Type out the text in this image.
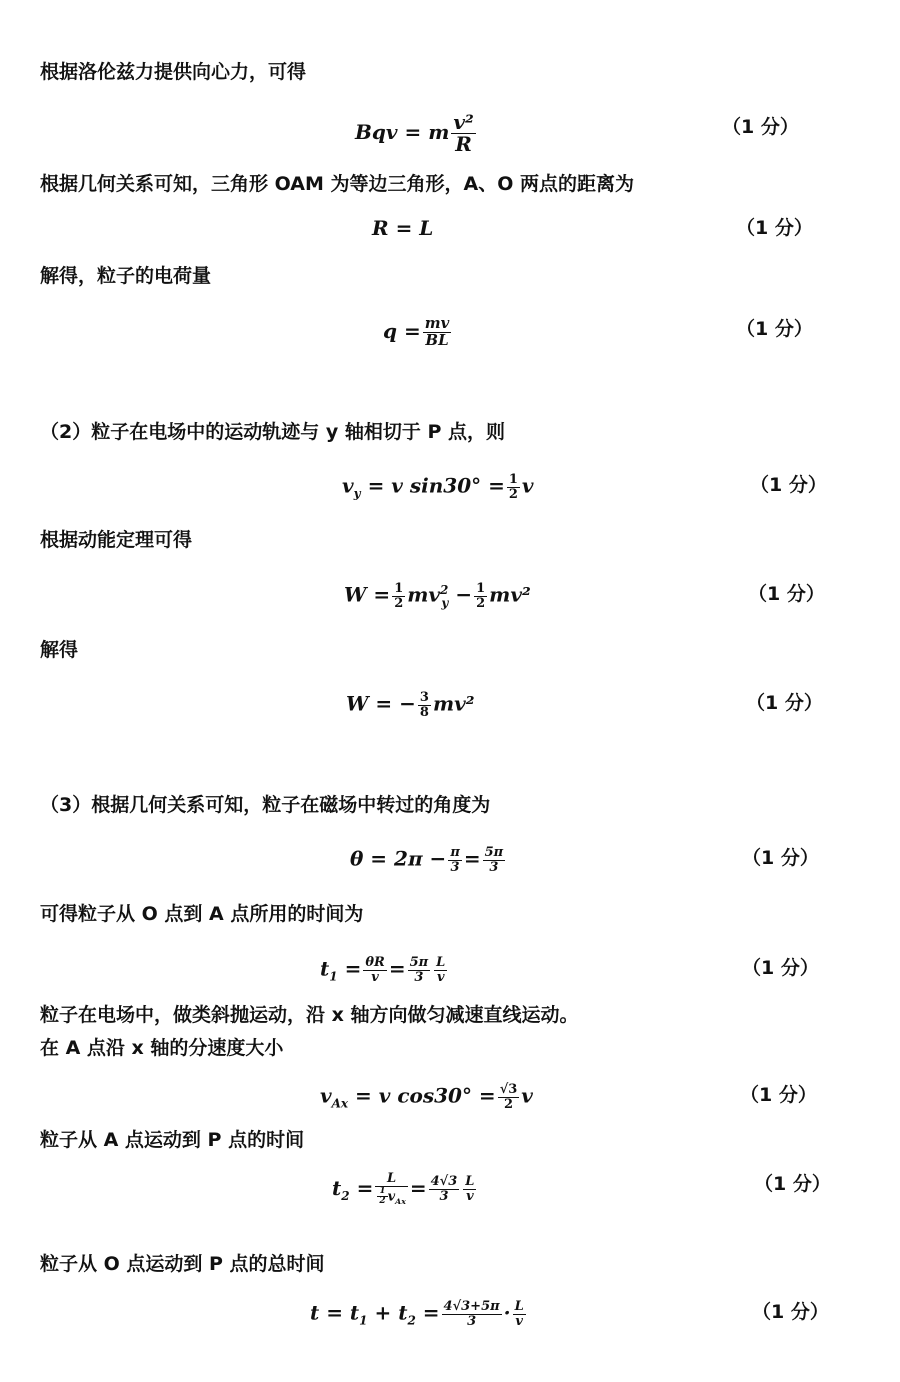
根据洛伦兹力提供向心力，可得
根据几何关系可知，三角形 OAM 为等边三角形，A、O 两点的距离为
解得，粒子的电荷量
（2）粒子在电场中的运动轨迹与 y 轴相切于 P 点，则
根据动能定理可得
解得
（3）根据几何关系可知，粒子在磁场中转过的角度为
可得粒子从 O 点到 A 点所用的时间为
粒子在电场中，做类斜抛运动，沿 x 轴方向做匀减速直线运动。
在 A 点沿 x 轴的分速度大小
粒子从 A 点运动到 P 点的时间
粒子从 O 点运动到 P 点的总时间
Bqv = m $\frac{\text{v²}}{R}$
R = L
$q = \frac{mv}{BL}$
$v_y = v$ $\sin 30^\circ = \frac{1}{2}$ v
$W = \frac{1}{2} mv^2_y - \frac{1}{2} mv^2$
W = − $\frac{3}{8} mv^2$
$\theta = 2\pi - \frac{\pi}{3} = \frac{5\pi}{3}$
$t_1 = \frac{\theta R}{v} = \frac{5\pi}{3} \frac{L}{v}$
$v_{Ax} = v$ $\cos 30^\circ = \frac{√3}{2}$ v
$t_2 = \frac{L}{\frac{1}{2} v_{Ax}} = \frac{4√3}{3} \frac{L}{v}$
$t = t_1 + t_2 = \frac{4√3+5\pi}{3} \cdot \frac{L}{v}$
（1 分）
（1 分）
（1 分）
（1 分）
（1 分）
（1 分）
（1 分）
（1 分）
（1 分）
（1 分）
（1 分）
